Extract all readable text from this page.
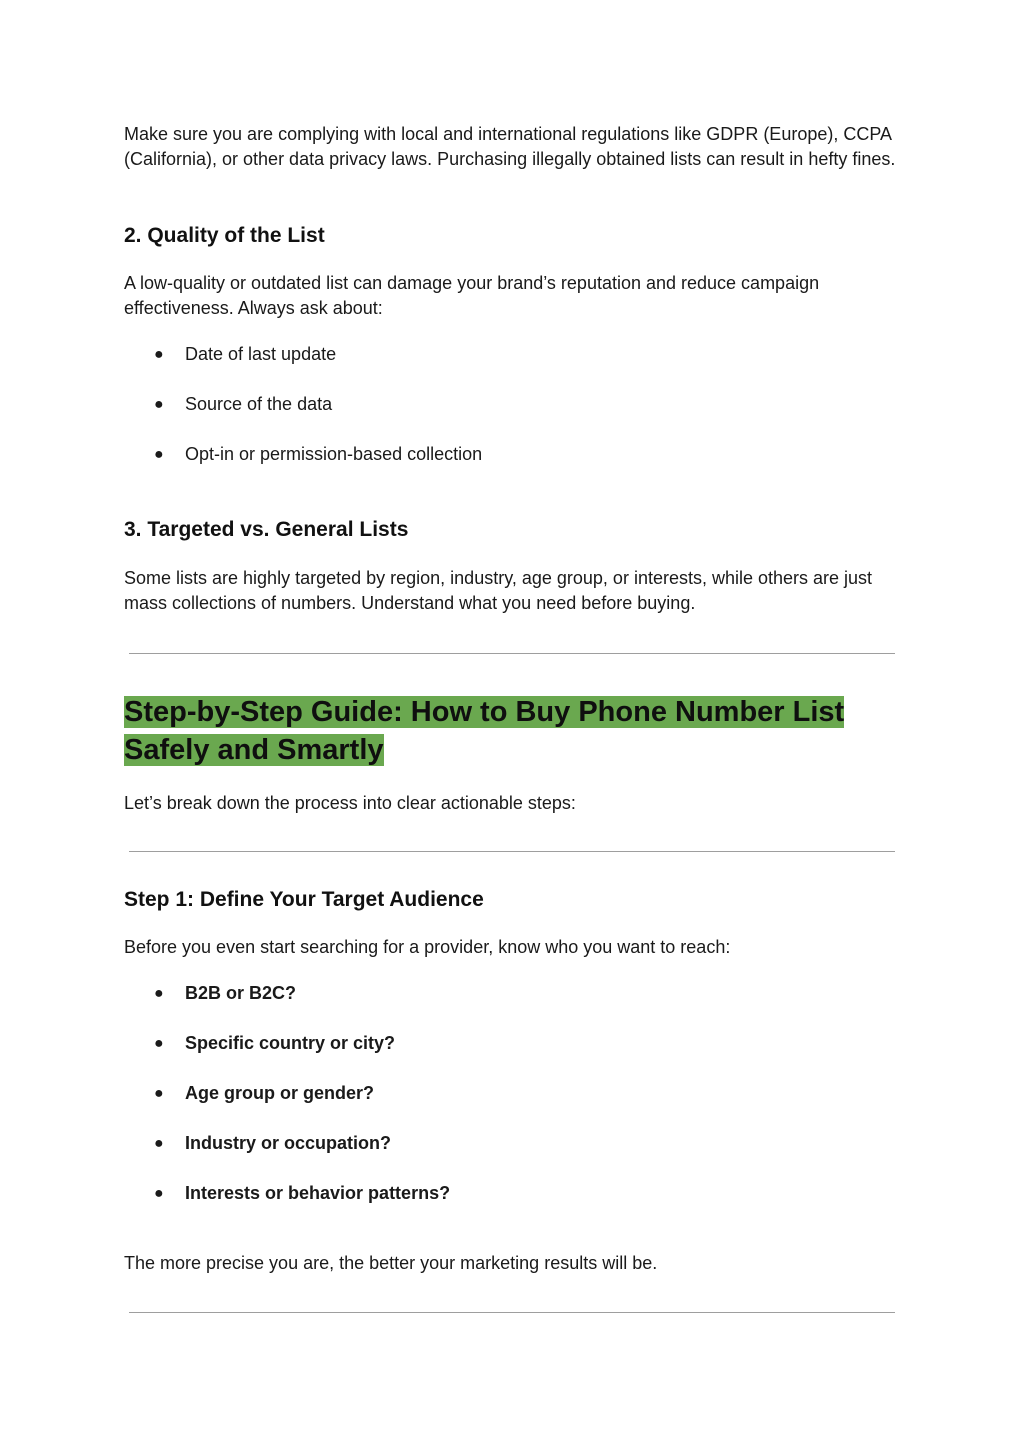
Make sure you are complying with local and international regulations like GDPR (Europe), CCPA (California), or other data privacy laws. Purchasing illegally obtained lists can result in hefty fines.

2. Quality of the List

A low-quality or outdated list can damage your brand’s reputation and reduce campaign effectiveness. Always ask about:

●	Date of last update
●	Source of the data
●	Opt-in or permission-based collection
3. Targeted vs. General Lists

Some lists are highly targeted by region, industry, age group, or interests, while others are just mass collections of numbers. Understand what you need before buying.

Step-by-Step Guide: How to Buy Phone Number List
Safely and Smartly

Let’s break down the process into clear actionable steps:

Step 1: Define Your Target Audience

Before you even start searching for a provider, know who you want to reach:

●	B2B or B2C?
●	Specific country or city?
●	Age group or gender?
●	Industry or occupation?
●	Interests or behavior patterns?

The more precise you are, the better your marketing results will be.
